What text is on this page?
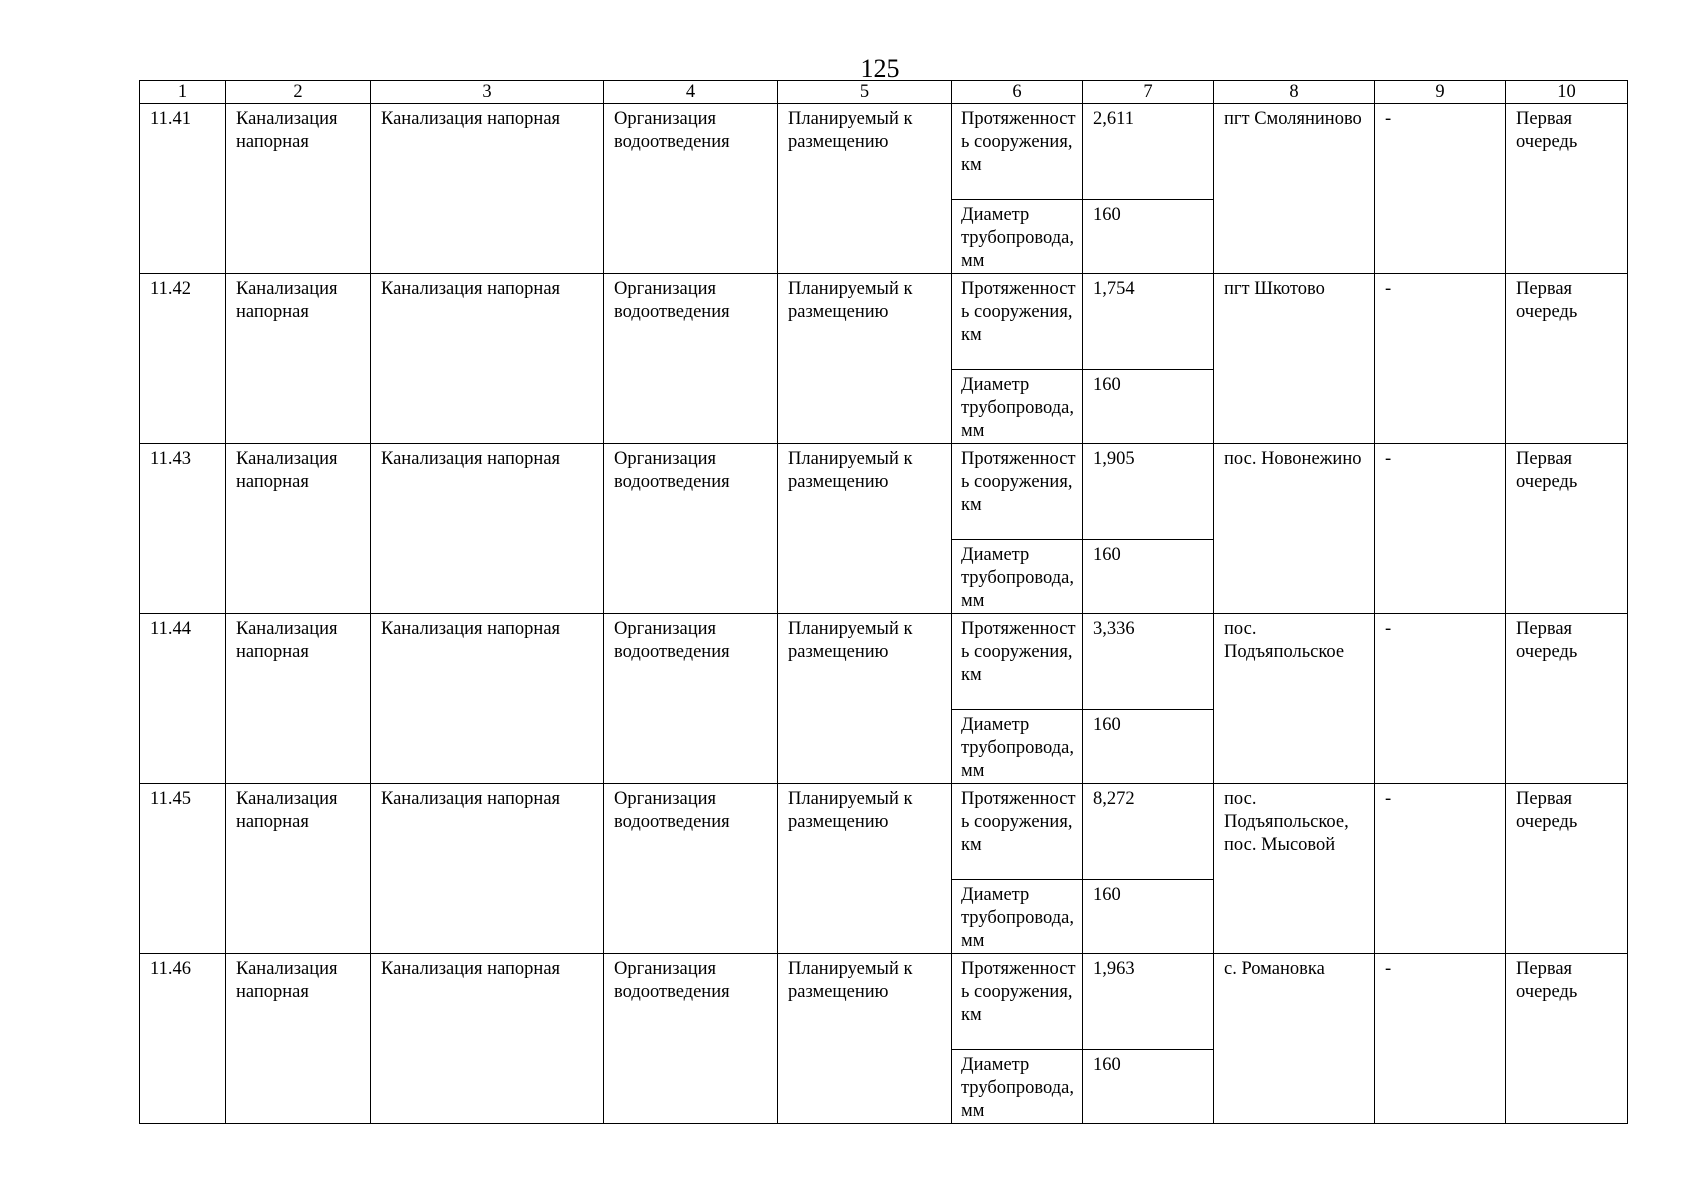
125
1	2	3	4	5	6	7	8	9	10
11.41	Канализация напорная	Канализация напорная	Организация водоотведения	Планируемый к размещению	Протяженность сооружения, км	2,611	пгт Смоляниново	-	Первая очередь
					Диаметр трубопровода, мм	160			
11.42	Канализация напорная	Канализация напорная	Организация водоотведения	Планируемый к размещению	Протяженность сооружения, км	1,754	пгт Шкотово	-	Первая очередь
					Диаметр трубопровода, мм	160			
11.43	Канализация напорная	Канализация напорная	Организация водоотведения	Планируемый к размещению	Протяженность сооружения, км	1,905	пос. Новонежино	-	Первая очередь
					Диаметр трубопровода, мм	160			
11.44	Канализация напорная	Канализация напорная	Организация водоотведения	Планируемый к размещению	Протяженность сооружения, км	3,336	пос. Подъяпольское	-	Первая очередь
					Диаметр трубопровода, мм	160			
11.45	Канализация напорная	Канализация напорная	Организация водоотведения	Планируемый к размещению	Протяженность сооружения, км	8,272	пос. Подъяпольское, пос. Мысовой	-	Первая очередь
					Диаметр трубопровода, мм	160			
11.46	Канализация напорная	Канализация напорная	Организация водоотведения	Планируемый к размещению	Протяженность сооружения, км	1,963	с. Романовка	-	Первая очередь
					Диаметр трубопровода, мм	160			
